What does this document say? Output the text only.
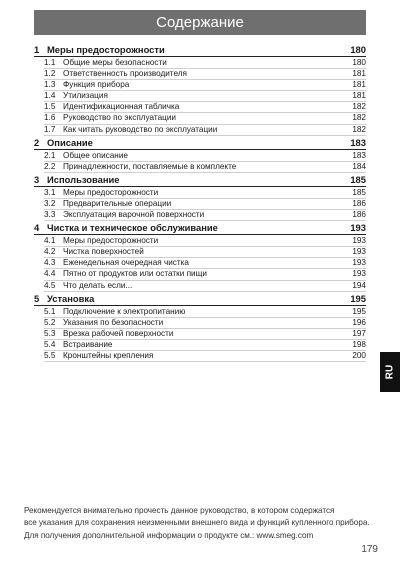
Содержание
1 Меры предосторожности	180
1.1 Общие меры безопасности	180
1.2 Ответственность производителя	181
1.3 Функция прибора	181
1.4 Утилизация	181
1.5 Идентификационная табличка	182
1.6 Руководство по эксплуатации	182
1.7 Как читать руководство по эксплуатации	182
2 Описание	183
2.1 Общее описание	183
2.2 Принадлежности, поставляемые в комплекте	184
3 Использование	185
3.1 Меры предосторожности	185
3.2 Предварительные операции	186
3.3 Эксплуатация варочной поверхности	186
4 Чистка и техническое обслуживание	193
4.1 Меры предосторожности	193
4.2 Чистка поверхностей	193
4.3 Еженедельная очередная чистка	193
4.4 Пятно от продуктов или остатки пищи	193
4.5 Что делать если...	194
5 Установка	195
5.1 Подключение к электропитанию	195
5.2 Указания по безопасности	196
5.3 Врезка рабочей поверхности	197
5.4 Встраивание	198
5.5 Кронштейны крепления	200
RU

Рекомендуется внимательно прочесть данное руководство, в котором содержатся

все указания для сохранения неизменными внешнего вида и функций купленного прибора.

Для получения дополнительной информации о продукте см.: www.smeg.com

179
